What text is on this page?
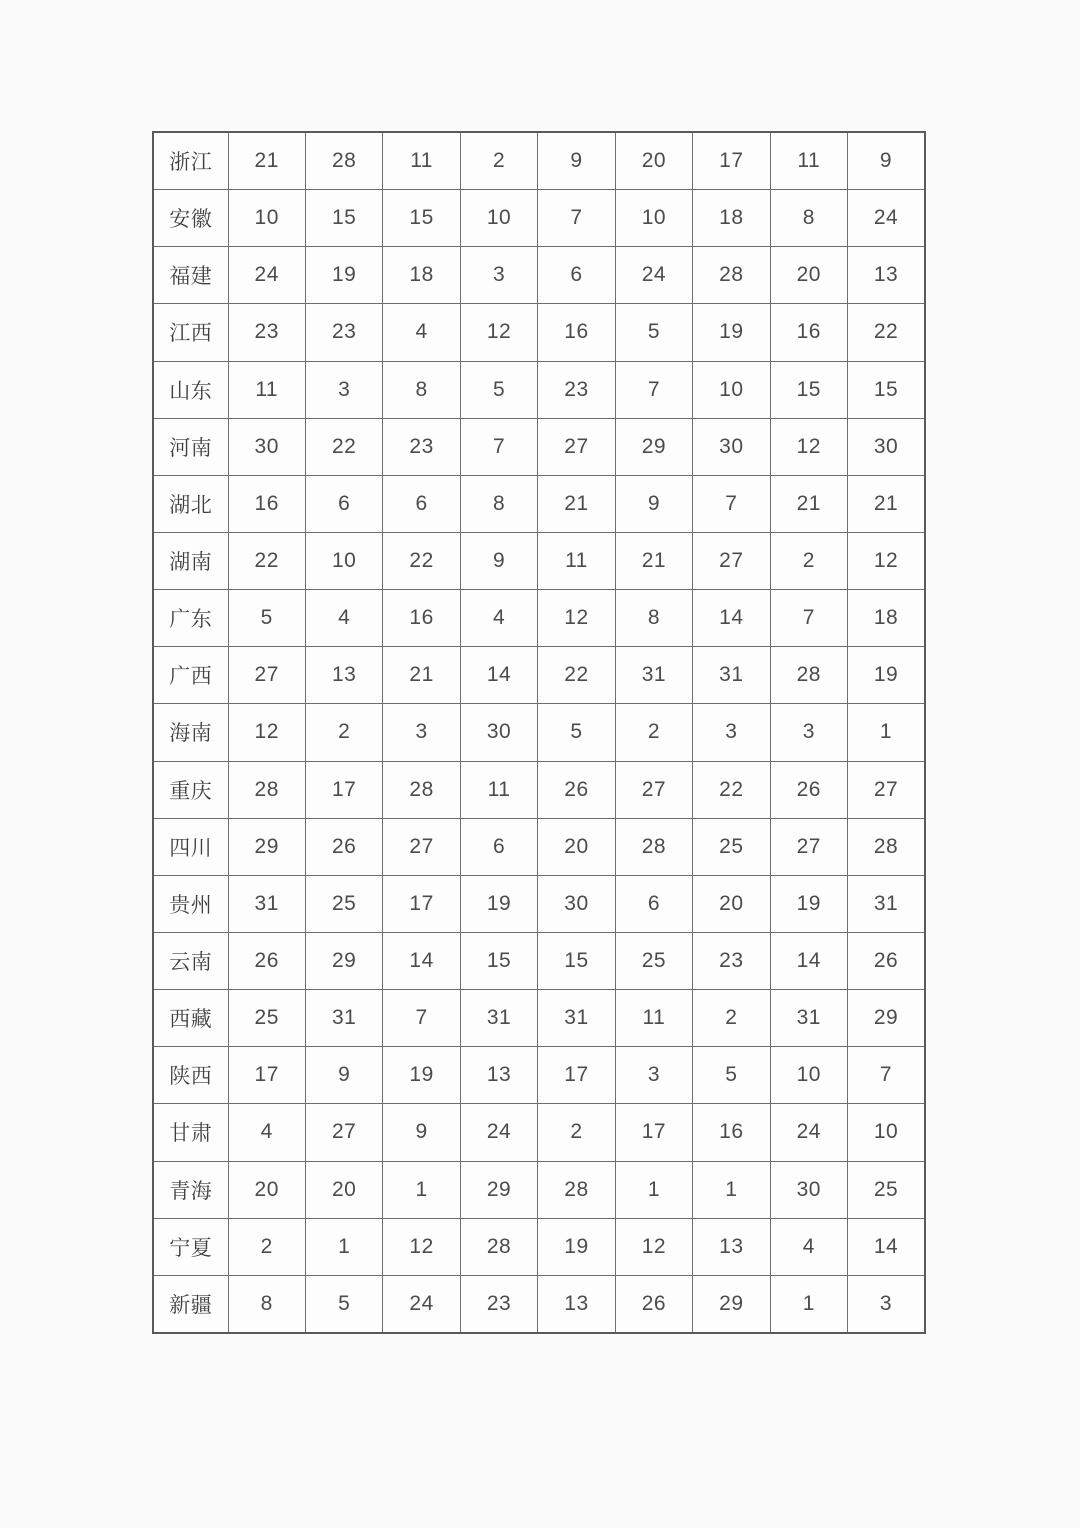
浙江	21	28	11	2	9	20	17	11	9
安徽	10	15	15	10	7	10	18	8	24
福建	24	19	18	3	6	24	28	20	13
江西	23	23	4	12	16	5	19	16	22
山东	11	3	8	5	23	7	10	15	15
河南	30	22	23	7	27	29	30	12	30
湖北	16	6	6	8	21	9	7	21	21
湖南	22	10	22	9	11	21	27	2	12
广东	5	4	16	4	12	8	14	7	18
广西	27	13	21	14	22	31	31	28	19
海南	12	2	3	30	5	2	3	3	1
重庆	28	17	28	11	26	27	22	26	27
四川	29	26	27	6	20	28	25	27	28
贵州	31	25	17	19	30	6	20	19	31
云南	26	29	14	15	15	25	23	14	26
西藏	25	31	7	31	31	11	2	31	29
陕西	17	9	19	13	17	3	5	10	7
甘肃	4	27	9	24	2	17	16	24	10
青海	20	20	1	29	28	1	1	30	25
宁夏	2	1	12	28	19	12	13	4	14
新疆	8	5	24	23	13	26	29	1	3
